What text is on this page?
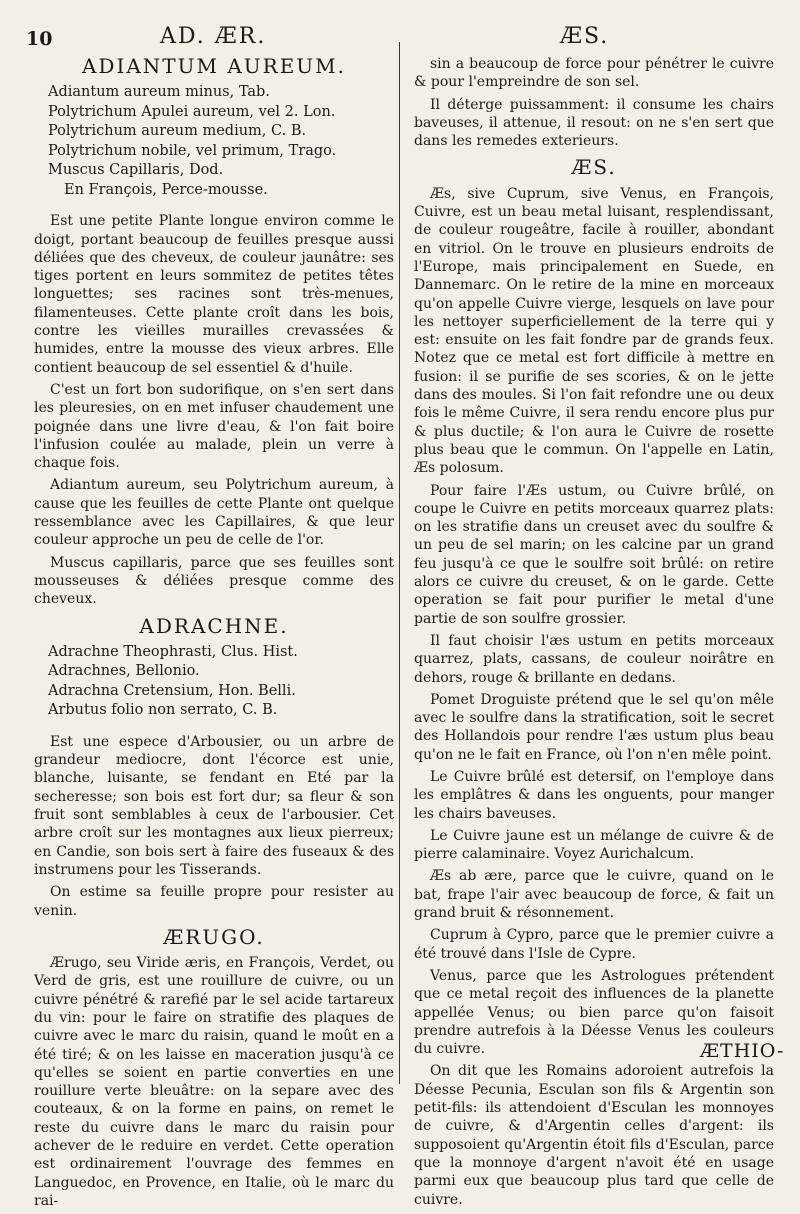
10	AD. ÆR.	ÆS.
ADIANTUM AUREUM.
Adiantum aureum minus, Tab.
Polytrichum Apulei aureum, vel 2. Lon.
Polytrichum aureum medium, C. B.
Polytrichum nobile, vel primum, Trago.
Muscus Capillaris, Dod.
En François, Perce-mousse.

Est une petite Plante longue environ comme le doigt, portant beaucoup de feuilles presque aussi déliées que des cheveux, de couleur jaunâtre: ses tiges portent en leurs sommitez de petites têtes longuettes; ses racines sont très-menues, filamenteuses. Cette plante croît dans les bois, contre les vieilles murailles crevassées & humides, entre la mousse des vieux arbres. Elle contient beaucoup de sel essentiel & d'huile.

C'est un fort bon sudorifique, on s'en sert dans les pleuresies, on en met infuser chaudement une poignée dans une livre d'eau, & l'on fait boire l'infusion coulée au malade, plein un verre à chaque fois.

Adiantum aureum, seu Polytrichum aureum, à cause que les feuilles de cette Plante ont quelque ressemblance avec les Capillaires, & que leur couleur approche un peu de celle de l'or.

Muscus capillaris, parce que ses feuilles sont mousseuses & déliées presque comme des cheveux.

ADRACHNE.
Adrachne Theophrasti, Clus. Hist.
Adrachnes, Bellonio.
Adrachna Cretensium, Hon. Belli.
Arbutus folio non serrato, C. B.

Est une espece d'Arbousier, ou un arbre de grandeur mediocre, dont l'écorce est unie, blanche, luisante, se fendant en Eté par la secheresse; son bois est fort dur; sa fleur & son fruit sont semblables à ceux de l'arbousier. Cet arbre croît sur les montagnes aux lieux pierreux; en Candie, son bois sert à faire des fuseaux & des instrumens pour les Tisserands.

On estime sa feuille propre pour resister au venin.

ÆRUGO.

Ærugo, seu Viride æris, en François, Verdet, ou Verd de gris, est une rouillure de cuivre, ou un cuivre pénétré & rarefié par le sel acide tartareux du vin: pour le faire on stratifie des plaques de cuivre avec le marc du raisin, quand le moût en a été tiré; & on les laisse en maceration jusqu'à ce qu'elles se soient en partie converties en une rouillure verte bleuâtre: on la separe avec des couteaux, & on la forme en pains, on remet le reste du cuivre dans le marc du raisin pour achever de le reduire en verdet. Cette operation est ordinairement l'ouvrage des femmes en Languedoc, en Provence, en Italie, où le marc du rai-

sin a beaucoup de force pour pénétrer le cuivre & pour l'empreindre de son sel.

Il déterge puissamment: il consume les chairs baveuses, il attenue, il resout: on ne s'en sert que dans les remedes exterieurs.

ÆS.

Æs, sive Cuprum, sive Venus, en François, Cuivre, est un beau metal luisant, resplendissant, de couleur rougeâtre, facile à rouiller, abondant en vitriol. On le trouve en plusieurs endroits de l'Europe, mais principalement en Suede, en Dannemarc. On le retire de la mine en morceaux qu'on appelle Cuivre vierge, lesquels on lave pour les nettoyer superficiellement de la terre qui y est: ensuite on les fait fondre par de grands feux. Notez que ce metal est fort difficile à mettre en fusion: il se purifie de ses scories, & on le jette dans des moules. Si l'on fait refondre une ou deux fois le même Cuivre, il sera rendu encore plus pur & plus ductile; & l'on aura le Cuivre de rosette plus beau que le commun. On l'appelle en Latin, Æs polosum.

Pour faire l'Æs ustum, ou Cuivre brûlé, on coupe le Cuivre en petits morceaux quarrez plats: on les stratifie dans un creuset avec du soulfre & un peu de sel marin; on les calcine par un grand feu jusqu'à ce que le soulfre soit brûlé: on retire alors ce cuivre du creuset, & on le garde. Cette operation se fait pour purifier le metal d'une partie de son soulfre grossier.

Il faut choisir l'æs ustum en petits morceaux quarrez, plats, cassans, de couleur noirâtre en dehors, rouge & brillante en dedans.

Pomet Droguiste prétend que le sel qu'on mêle avec le soulfre dans la stratification, soit le secret des Hollandois pour rendre l'æs ustum plus beau qu'on ne le fait en France, où l'on n'en mêle point.

Le Cuivre brûlé est detersif, on l'employe dans les emplâtres & dans les onguents, pour manger les chairs baveuses.

Le Cuivre jaune est un mélange de cuivre & de pierre calaminaire. Voyez Aurichalcum.

Æs ab ære, parce que le cuivre, quand on le bat, frape l'air avec beaucoup de force, & fait un grand bruit & résonnement.

Cuprum à Cypro, parce que le premier cuivre a été trouvé dans l'Isle de Cypre.

Venus, parce que les Astrologues prétendent que ce metal reçoit des influences de la planette appellée Venus; ou bien parce qu'on faisoit prendre autrefois à la Déesse Venus les couleurs du cuivre.

On dit que les Romains adoroient autrefois la Déesse Pecunia, Esculan son fils & Argentin son petit-fils: ils attendoient d'Esculan les monnoyes de cuivre, & d'Argentin celles d'argent: ils supposoient qu'Argentin étoit fils d'Esculan, parce que la monnoye d'argent n'avoit été en usage parmi eux que beaucoup plus tard que celle de cuivre.

ÆTHIO-
